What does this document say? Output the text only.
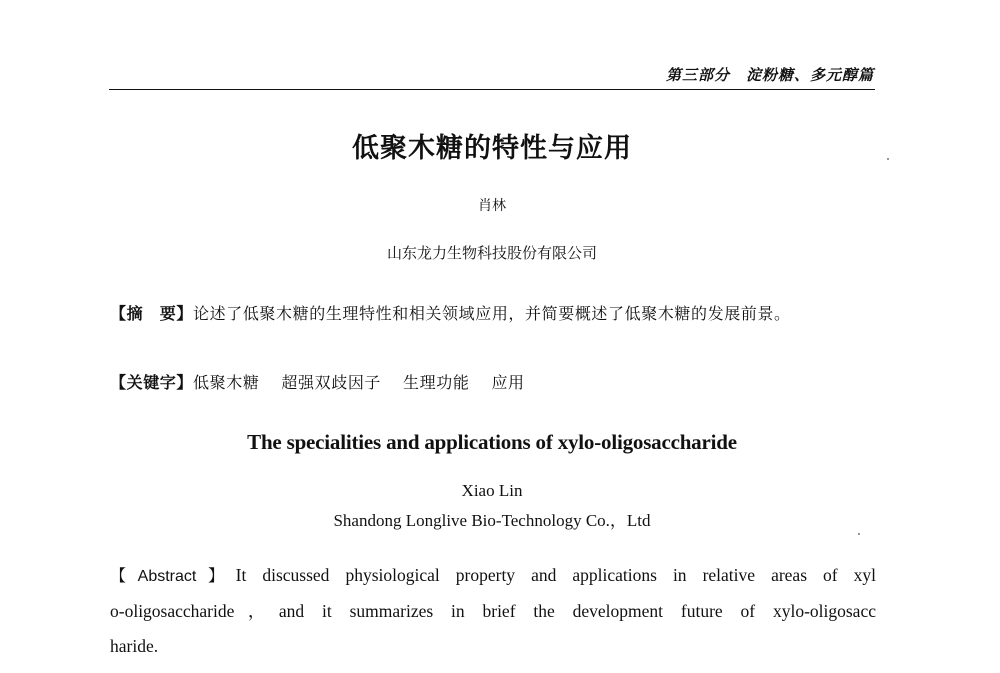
第三部分　淀粉糖、多元醇篇
低聚木糖的特性与应用
肖林
山东龙力生物科技股份有限公司
【摘　要】论述了低聚木糖的生理特性和相关领域应用，并简要概述了低聚木糖的发展前景。
【关键字】低聚木糖 超强双歧因子 生理功能 应用
The specialities and applications of xylo-oligosaccharide
Xiao Lin
Shandong Longlive Bio-Technology Co.，Ltd
【Abstract】It discussed physiological property and applications in relative areas of xyl
o-oligosaccharide，and it summarizes in brief the development future of xylo-oligosacc
haride.
